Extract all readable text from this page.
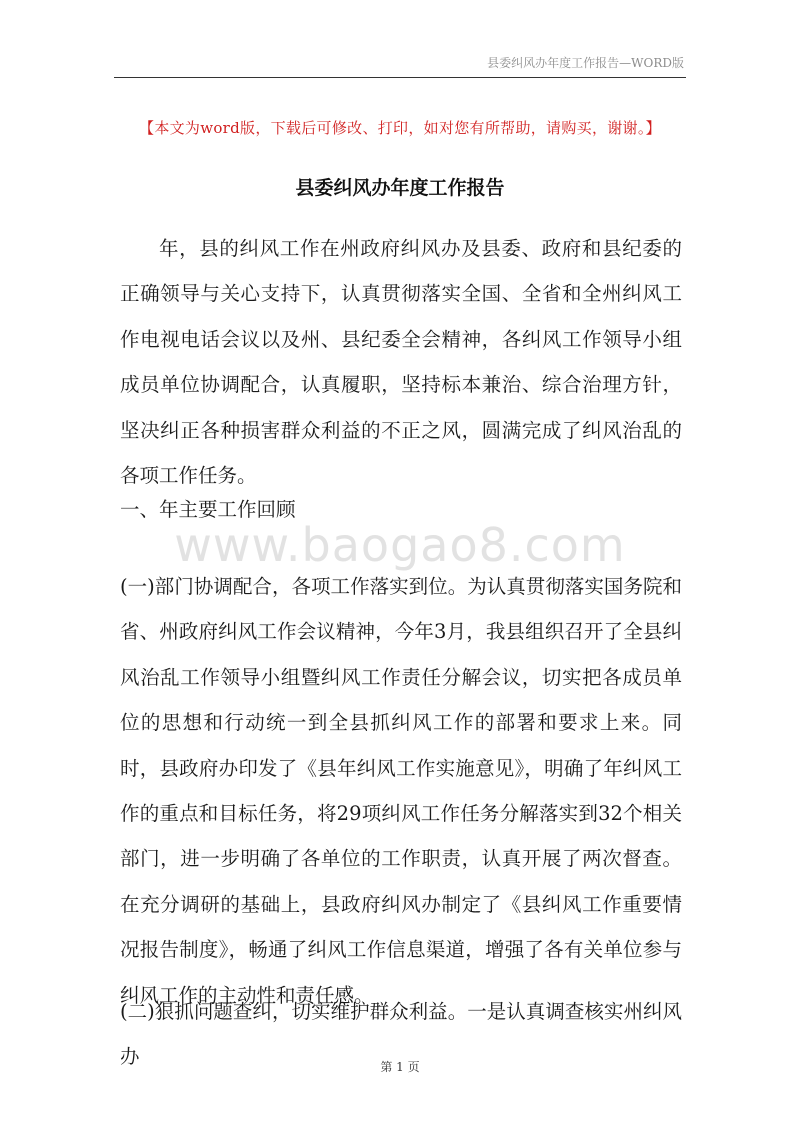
县委纠风办年度工作报告—WORD版
【本文为word版，下载后可修改、打印，如对您有所帮助，请购买，谢谢。】
县委纠风办年度工作报告
年，县的纠风工作在州政府纠风办及县委、政府和县纪委的正确领导与关心支持下，认真贯彻落实全国、全省和全州纠风工作电视电话会议以及州、县纪委全会精神，各纠风工作领导小组成员单位协调配合，认真履职，坚持标本兼治、综合治理方针，坚决纠正各种损害群众利益的不正之风，圆满完成了纠风治乱的各项工作任务。
一、年主要工作回顾
www.baogao8.com
(一)部门协调配合，各项工作落实到位。为认真贯彻落实国务院和省、州政府纠风工作会议精神，今年3月，我县组织召开了全县纠风治乱工作领导小组暨纠风工作责任分解会议，切实把各成员单位的思想和行动统一到全县抓纠风工作的部署和要求上来。同时，县政府办印发了《县年纠风工作实施意见》，明确了年纠风工作的重点和目标任务，将29项纠风工作任务分解落实到32个相关部门，进一步明确了各单位的工作职责，认真开展了两次督查。在充分调研的基础上，县政府纠风办制定了《县纠风工作重要情况报告制度》，畅通了纠风工作信息渠道，增强了各有关单位参与纠风工作的主动性和责任感。
(二)狠抓问题查纠，切实维护群众利益。一是认真调查核实州纠风办	第 1 页
